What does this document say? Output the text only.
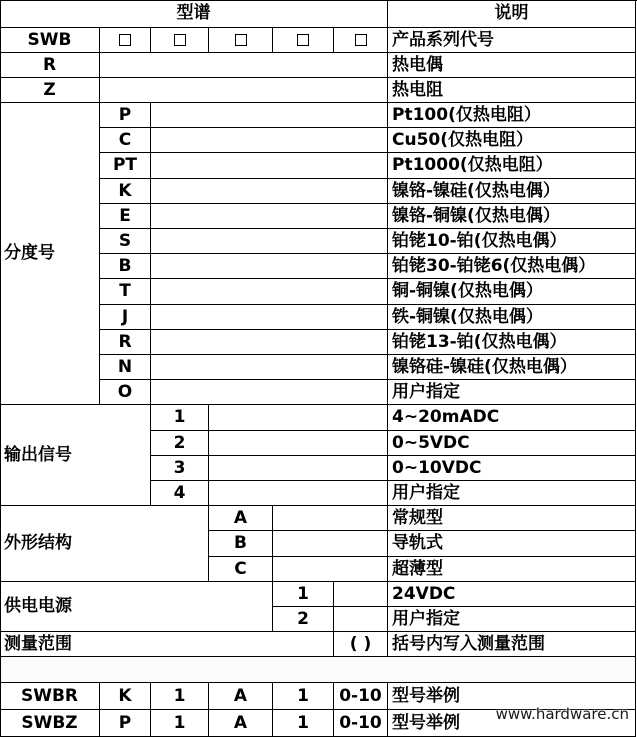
型谱	说明
SWB	产品系列代号
R	热电偶
Z	热电阻
P	Pt100(仅热电阻）
C	Cu50(仅热电阻）
PT	Pt1000(仅热电阻）
K	镍铬-镍硅(仅热电偶）
E	镍铬-铜镍(仅热电偶）
S	铂铑10-铂(仅热电偶）
B	铂铑30-铂铑6(仅热电偶）
T	铜-铜镍(仅热电偶）
J	铁-铜镍(仅热电偶）
R	铂铑13-铂(仅热电偶）
N	镍铬硅-镍硅(仅热电偶）
O	用户指定
分度号
1	4~20mADC
2	0~5VDC
3	0~10VDC
4	用户指定
输出信号
A	常规型
B	导轨式
C	超薄型
外形结构
1	24VDC
2	用户指定
供电电源
测量范围	( )	括号内写入测量范围
SWBR	K	1	A	1	0-10 型号举例
SWBZ	P	1	A	1	0-10 型号举例	www.hardware.cn
